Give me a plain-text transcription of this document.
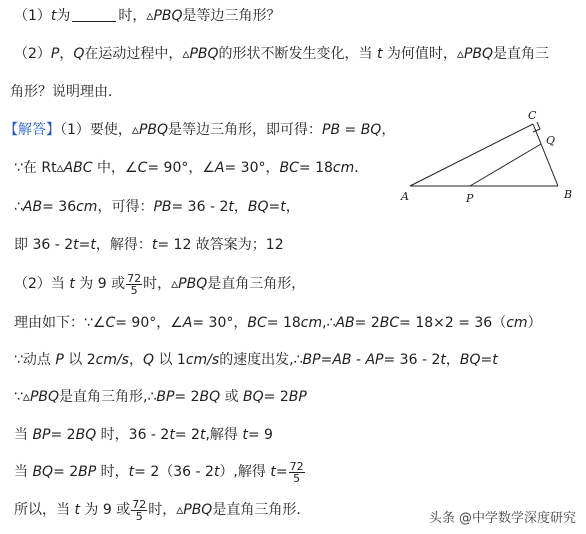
（1）t为	时，▵PBQ是等边三角形？
（2）P，Q在运动过程中，▵PBQ的形状不断发生变化，当 t 为何值时，▵PBQ是直角三
角形？说明理由．
【解答】（1）要使，▵PBQ是等边三角形，即可得：PB = BQ，
∵在 Rt▵ABC 中，∠C= 90°，∠A= 30°，BC= 18cm．
∴AB= 36cm，可得：PB= 36 - 2t，BQ=t，
即 36 - 2t=t，解得：t= 12 故答案为；12
（2）当 t 为 9 或 $\frac{72}{5}$ 时，▵PBQ是直角三角形，
理由如下：∵∠C= 90°，∠A= 30°，BC= 18cm,∴AB= 2BC= 18×2 = 36（cm）
∵动点 P 以 2cm/s，Q 以 1cm/s的速度出发,∴BP=AB - AP= 36 - 2t，BQ=t
∵▵PBQ是直角三角形,∴BP= 2BQ 或 BQ= 2BP
当 BP= 2BQ 时，36 - 2t= 2t,解得 t= 9
当 BQ= 2BP 时，t= 2（36 - 2t）,解得 $t= \frac{72}{5}$
所以，当 t 为 9 或 $\frac{72}{5}$ 时，▵PBQ是直角三角形．
A	B
C
P
Q
头条 @中学数学深度研究
